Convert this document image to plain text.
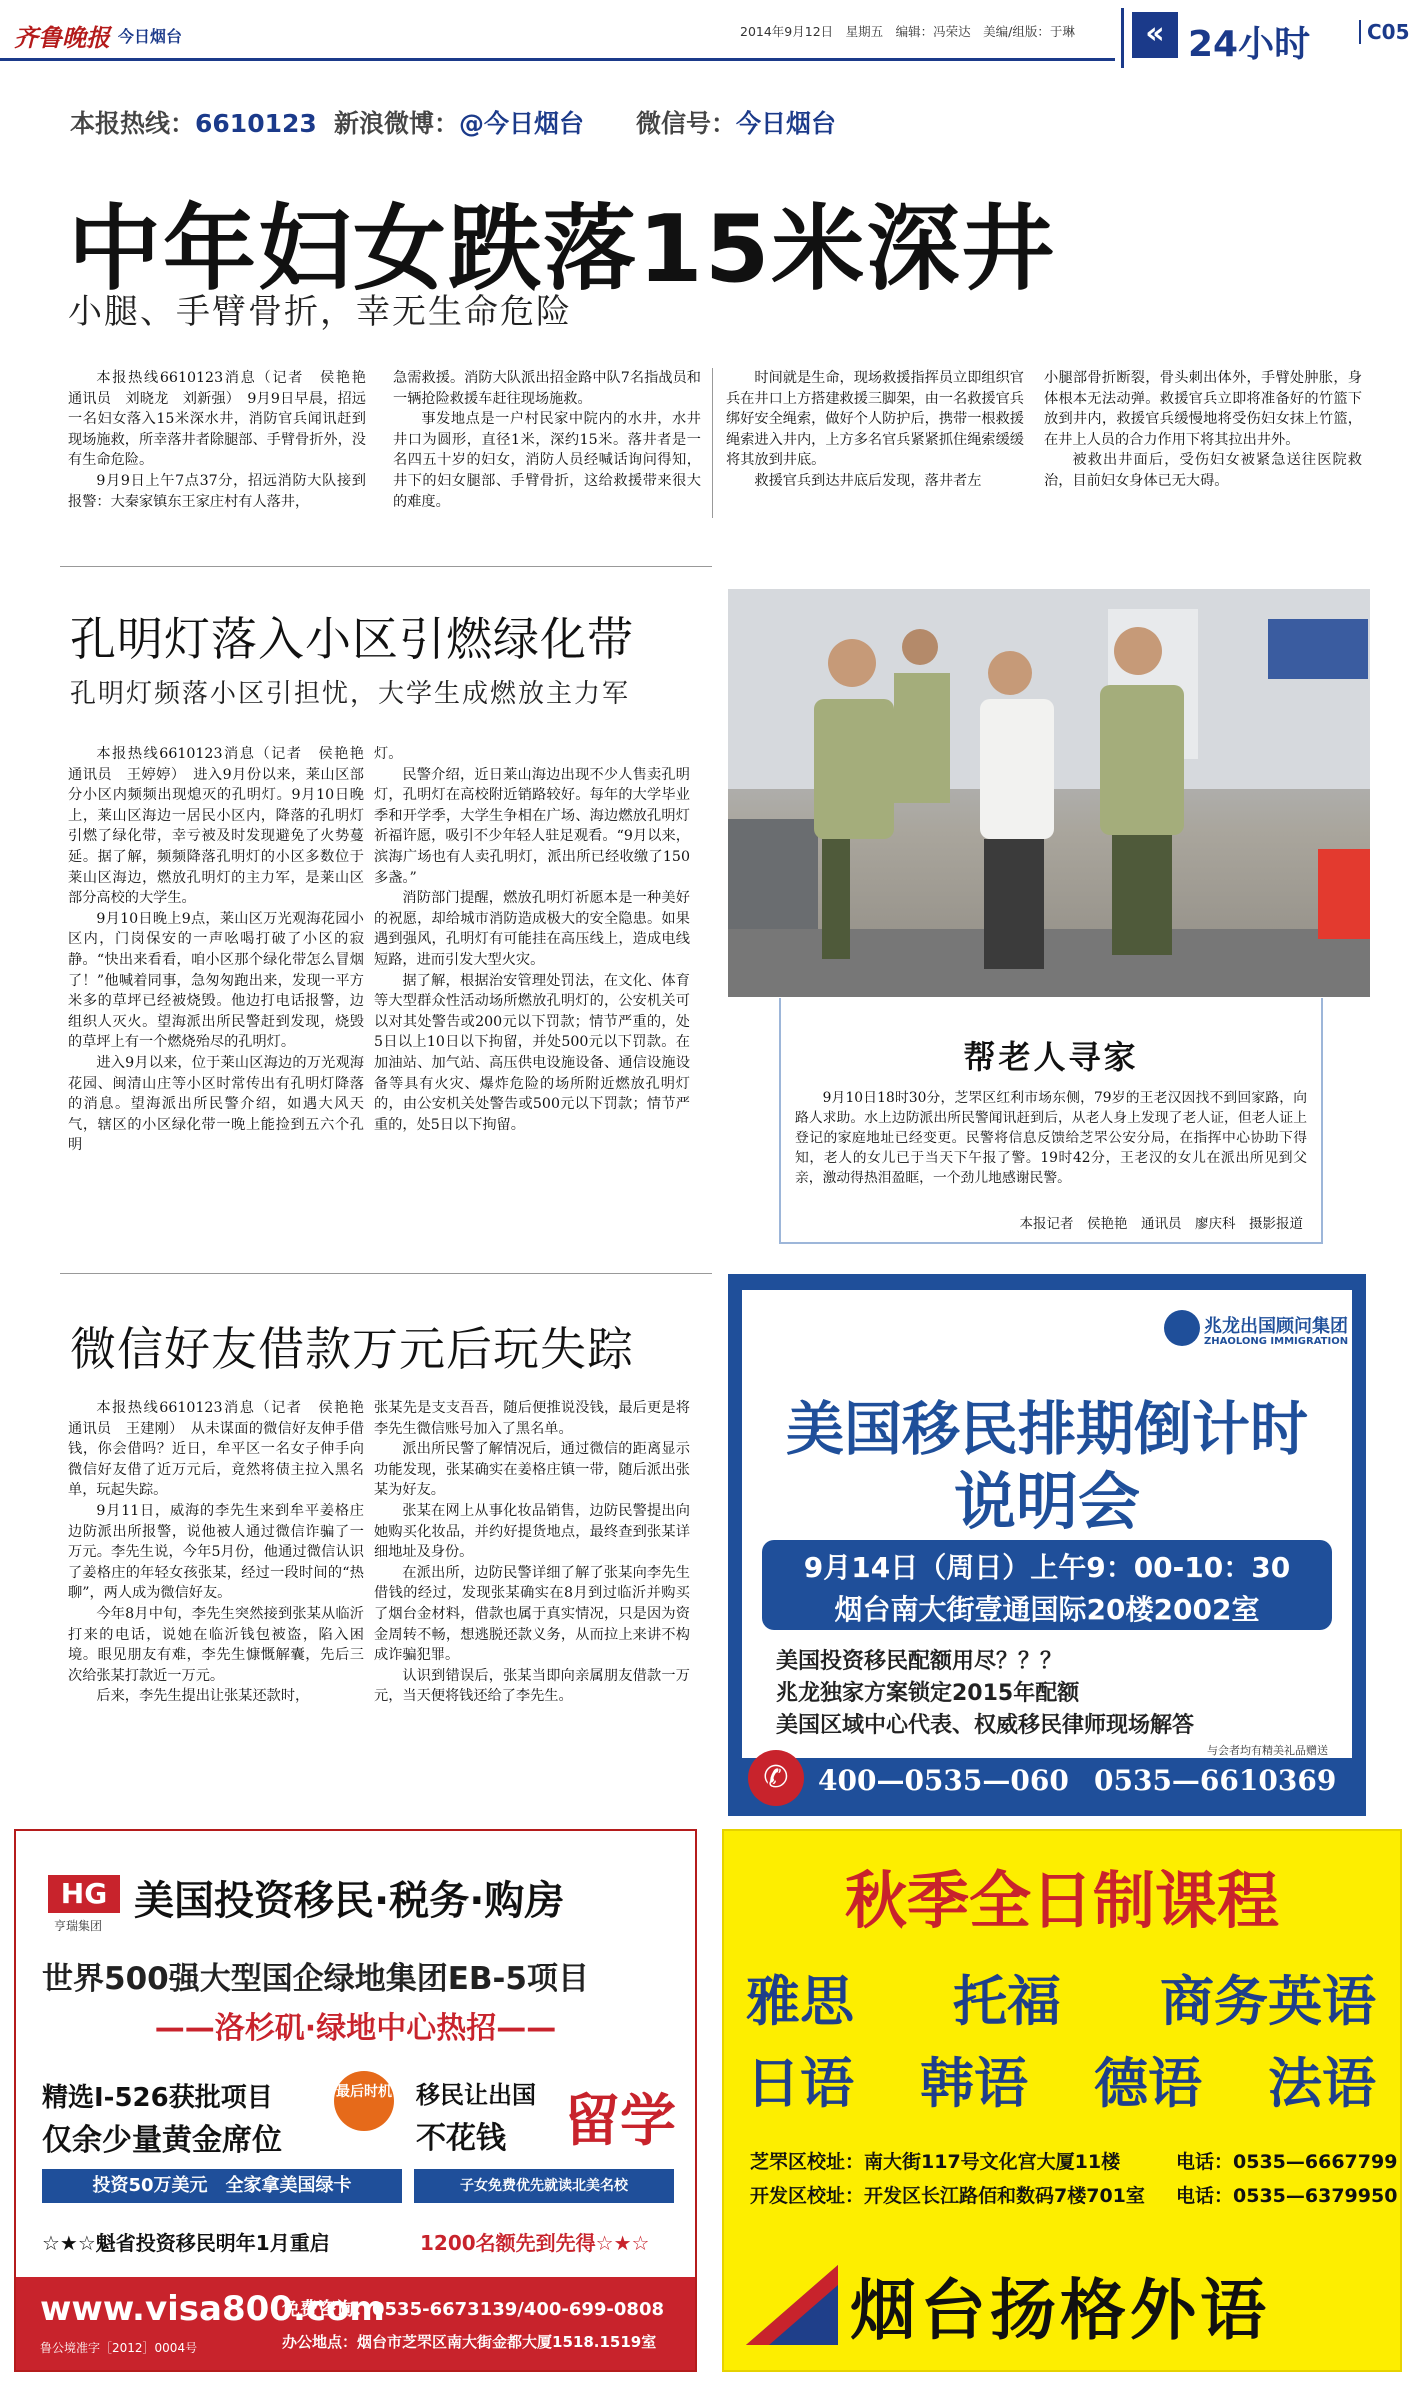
齐鲁晚报 今日烟台	2014年9月12日　星期五　编辑：冯荣达　美编/组版：于琳	« 24小时	C05
本报热线：6610123 新浪微博：@今日烟台 微信号：今日烟台
中年妇女跌落15米深井
小腿、手臂骨折，幸无生命危险

本报热线6610123消息（记者　侯艳艳　通讯员　刘晓龙　刘新强）　9月9日早晨，招远一名妇女落入15米深水井，消防官兵闻讯赶到现场施救，所幸落井者除腿部、手臂骨折外，没有生命危险。

9月9日上午7点37分，招远消防大队接到报警：大秦家镇东王家庄村有人落井，

急需救援。消防大队派出招金路中队7名指战员和一辆抢险救援车赶往现场施救。

事发地点是一户村民家中院内的水井，水井井口为圆形，直径1米，深约15米。落井者是一名四五十岁的妇女，消防人员经喊话询问得知，井下的妇女腿部、手臂骨折，这给救援带来很大的难度。

时间就是生命，现场救援指挥员立即组织官兵在井口上方搭建救援三脚架，由一名救援官兵绑好安全绳索，做好个人防护后，携带一根救援绳索进入井内，上方多名官兵紧紧抓住绳索缓缓将其放到井底。

救援官兵到达井底后发现，落井者左

小腿部骨折断裂，骨头刺出体外，手臂处肿胀，身体根本无法动弹。救援官兵立即将准备好的竹篮下放到井内，救援官兵缓慢地将受伤妇女抹上竹篮，在井上人员的合力作用下将其拉出井外。

被救出井面后，受伤妇女被紧急送往医院救治，目前妇女身体已无大碍。

孔明灯落入小区引燃绿化带
孔明灯频落小区引担忧，大学生成燃放主力军

本报热线6610123消息（记者　侯艳艳　通讯员　王婷婷）　进入9月份以来，莱山区部分小区内频频出现熄灭的孔明灯。9月10日晚上，莱山区海边一居民小区内，降落的孔明灯引燃了绿化带，幸亏被及时发现避免了火势蔓延。据了解，频频降落孔明灯的小区多数位于莱山区海边，燃放孔明灯的主力军，是莱山区部分高校的大学生。

9月10日晚上9点，莱山区万光观海花园小区内，门岗保安的一声吆喝打破了小区的寂静。“快出来看看，咱小区那个绿化带怎么冒烟了！”他喊着同事，急匆匆跑出来，发现一平方米多的草坪已经被烧毁。他边打电话报警，边组织人灭火。望海派出所民警赶到发现，烧毁的草坪上有一个燃烧殆尽的孔明灯。

进入9月以来，位于莱山区海边的万光观海花园、闽清山庄等小区时常传出有孔明灯降落的消息。望海派出所民警介绍，如遇大风天气，辖区的小区绿化带一晚上能捡到五六个孔明

灯。

民警介绍，近日莱山海边出现不少人售卖孔明灯，孔明灯在高校附近销路较好。每年的大学毕业季和开学季，大学生争相在广场、海边燃放孔明灯祈福许愿，吸引不少年轻人驻足观看。“9月以来，滨海广场也有人卖孔明灯，派出所已经收缴了150多盏。”

消防部门提醒，燃放孔明灯祈愿本是一种美好的祝愿，却给城市消防造成极大的安全隐患。如果遇到强风，孔明灯有可能挂在高压线上，造成电线短路，进而引发大型火灾。

据了解，根据治安管理处罚法，在文化、体育等大型群众性活动场所燃放孔明灯的，公安机关可以对其处警告或200元以下罚款；情节严重的，处5日以上10日以下拘留，并处500元以下罚款。在加油站、加气站、高压供电设施设备、通信设施设备等具有火灾、爆炸危险的场所附近燃放孔明灯的，由公安机关处警告或500元以下罚款；情节严重的，处5日以下拘留。

帮老人寻家

9月10日18时30分，芝罘区红利市场东侧，79岁的王老汉因找不到回家路，向路人求助。水上边防派出所民警闻讯赶到后，从老人身上发现了老人证，但老人证上登记的家庭地址已经变更。民警将信息反馈给芝罘公安分局，在指挥中心协助下得知，老人的女儿已于当天下午报了警。19时42分，王老汉的女儿在派出所见到父亲，激动得热泪盈眶，一个劲儿地感谢民警。

本报记者　侯艳艳　通讯员　廖庆科　摄影报道
微信好友借款万元后玩失踪

本报热线6610123消息（记者　侯艳艳　通讯员　王建刚）　从未谋面的微信好友伸手借钱，你会借吗？近日，牟平区一名女子伸手向微信好友借了近万元后，竟然将债主拉入黑名单，玩起失踪。

9月11日，威海的李先生来到牟平姜格庄边防派出所报警，说他被人通过微信诈骗了一万元。李先生说，今年5月份，他通过微信认识了姜格庄的年轻女孩张某，经过一段时间的“热聊”，两人成为微信好友。

今年8月中旬，李先生突然接到张某从临沂打来的电话，说她在临沂钱包被盗，陷入困境。眼见朋友有难，李先生慷慨解囊，先后三次给张某打款近一万元。

后来，李先生提出让张某还款时，

张某先是支支吾吾，随后便推说没钱，最后更是将李先生微信账号加入了黑名单。

派出所民警了解情况后，通过微信的距离显示功能发现，张某确实在姜格庄镇一带，随后派出张某为好友。

张某在网上从事化妆品销售，边防民警提出向她购买化妆品，并约好提货地点，最终查到张某详细地址及身份。

在派出所，边防民警详细了解了张某向李先生借钱的经过，发现张某确实在8月到过临沂并购买了烟台金材料，借款也属于真实情况，只是因为资金周转不畅，想逃脱还款义务，从而拉上来讲不构成诈骗犯罪。

认识到错误后，张某当即向亲属朋友借款一万元，当天便将钱还给了李先生。

兆龙出国顾问集团
ZHAOLONG IMMIGRATION
美国移民排期倒计时
说明会
9月14日（周日）上午9：00-10：30
烟台南大街壹通国际20楼2002室
美国投资移民配额用尽？？？
兆龙独家方案锁定2015年配额
美国区域中心代表、权威移民律师现场解答
与会者均有精美礼品赠送
✆	400—0535—060 0535—6610369
HG
亨瑞集团
美国投资移民·税务·购房
世界500强大型国企绿地集团EB-5项目
——洛杉矶·绿地中心热招——
精选I-526获批项目
仅余少量黄金席位
最后时机 移民让出国
不花钱 留学
投资50万美元　全家拿美国绿卡	子女免费优先就读北美名校
☆★☆魁省投资移民明年1月重启	1200名额先到先得☆★☆
www.visa800.com
鲁公境准字［2012］0004号
免费咨询：0535-6673139/400-699-0808
办公地点：烟台市芝罘区南大街金都大厦1518.1519室
秋季全日制课程
雅思 托福 商务英语
日语 韩语 德语 法语
芝罘区校址：南大街117号文化宫大厦11楼	电话：0535—6667799
开发区校址：开发区长江路佰和数码7楼701室 电话：0535—6379950
烟台扬格外语
